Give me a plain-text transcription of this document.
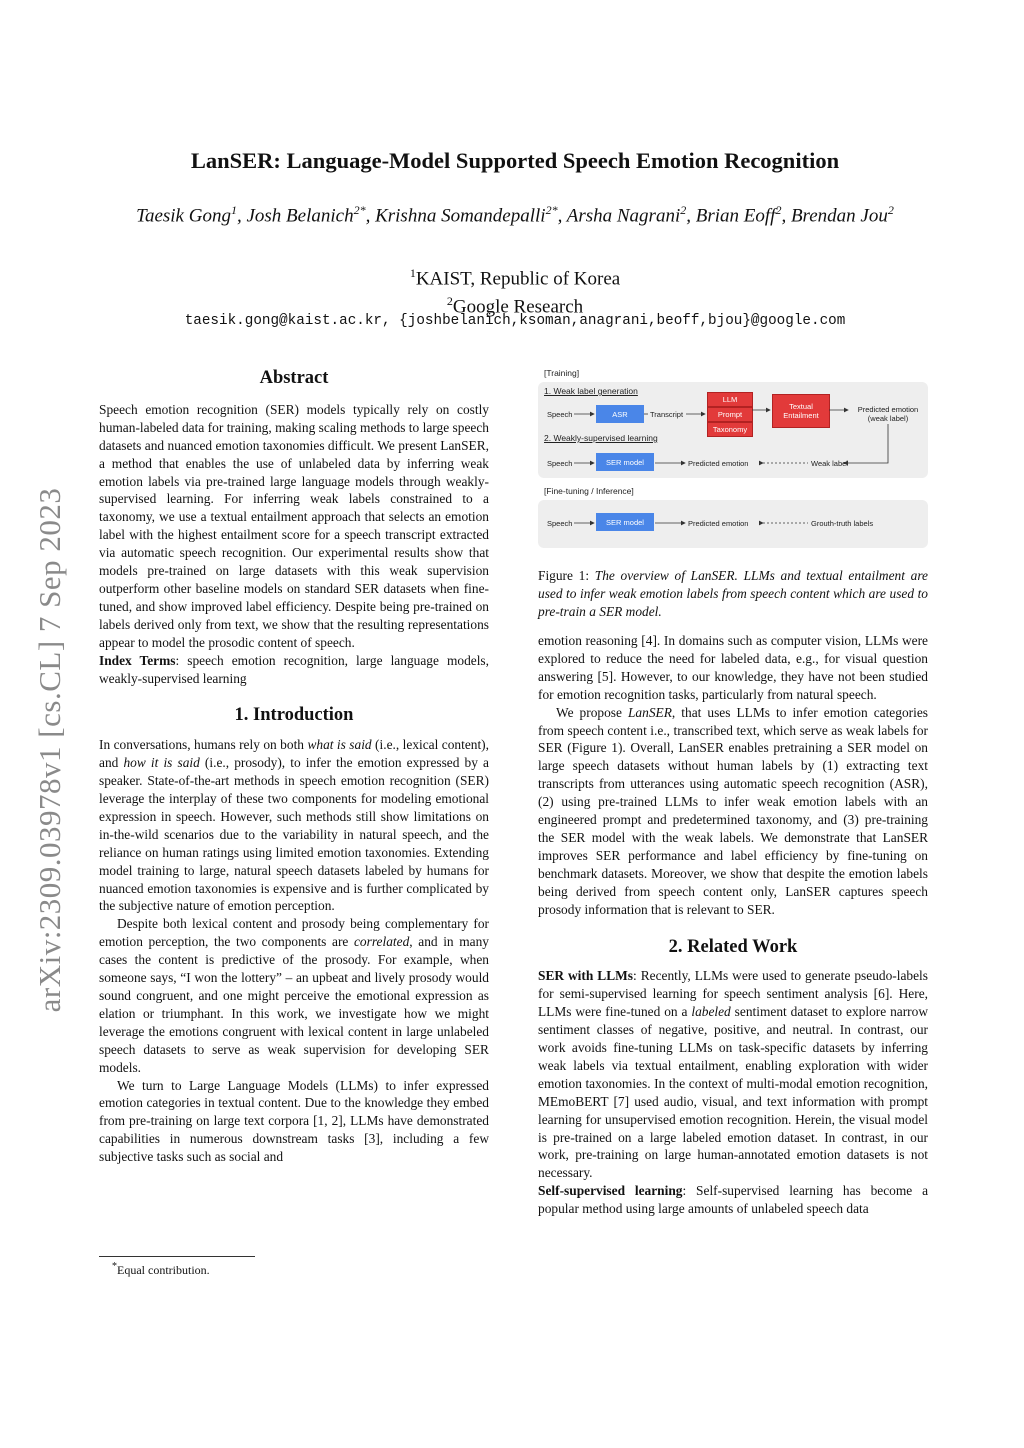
arXiv:2309.03978v1 [cs.CL] 7 Sep 2023
LanSER: Language-Model Supported Speech Emotion Recognition
Taesik Gong$^1$, Josh Belanich$^{2*}$, Krishna Somandepalli$^{2*}$, Arsha Nagrani$^2$, Brian Eoff$^2$, Brendan Jou$^2$
$^1$KAIST, Republic of Korea
$^2$Google Research
taesik.gong@kaist.ac.kr, {joshbelanich,ksoman,anagrani,beoff,bjou}@google.com
Abstract

Speech emotion recognition (SER) models typically rely on costly human-labeled data for training, making scaling methods to large speech datasets and nuanced emotion taxonomies difficult. We present LanSER, a method that enables the use of unlabeled data by inferring weak emotion labels via pre-trained large language models through weakly-supervised learning. For inferring weak labels constrained to a taxonomy, we use a textual entailment approach that selects an emotion label with the highest entailment score for a speech transcript extracted via automatic speech recognition. Our experimental results show that models pre-trained on large datasets with this weak supervision outperform other baseline models on standard SER datasets when fine-tuned, and show improved label efficiency. Despite being pre-trained on labels derived only from text, we show that the resulting representations appear to model the prosodic content of speech.

Index Terms: speech emotion recognition, large language models, weakly-supervised learning

1. Introduction

In conversations, humans rely on both what is said (i.e., lexical content), and how it is said (i.e., prosody), to infer the emotion expressed by a speaker. State-of-the-art methods in speech emotion recognition (SER) leverage the interplay of these two components for modeling emotional expression in speech. However, such methods still show limitations on in-the-wild scenarios due to the variability in natural speech, and the reliance on human ratings using limited emotion taxonomies. Extending model training to large, natural speech datasets labeled by humans for nuanced emotion taxonomies is expensive and is further complicated by the subjective nature of emotion perception.

Despite both lexical content and prosody being complementary for emotion perception, the two components are correlated, and in many cases the content is predictive of the prosody. For example, when someone says, “I won the lottery” – an upbeat and lively prosody would sound congruent, and one might perceive the emotional expression as elation or triumphant. In this work, we investigate how we might leverage the emotions congruent with lexical content in large unlabeled speech datasets to serve as weak supervision for developing SER models.

We turn to Large Language Models (LLMs) to infer expressed emotion categories in textual content. Due to the knowledge they embed from pre-training on large text corpora [1, 2], LLMs have demonstrated capabilities in numerous downstream tasks [3], including a few subjective tasks such as social and

*Equal contribution.
[Training]
1. Weak label generation
Speech	ASR	Transcript
LLM
Prompt
Taxonomy
Textual Entailment
Predicted emotion (weak label)
2. Weakly-supervised learning
Speech	SER model	Predicted emotion	Weak label
[Fine-tuning / Inference]
Speech	SER model	Predicted emotion	Grouth-truth labels
Figure 1: The overview of LanSER. LLMs and textual entailment are used to infer weak emotion labels from speech content which are used to pre-train a SER model.

emotion reasoning [4]. In domains such as computer vision, LLMs were explored to reduce the need for labeled data, e.g., for visual question answering [5]. However, to our knowledge, they have not been studied for emotion recognition tasks, particularly from natural speech.

We propose LanSER, that uses LLMs to infer emotion categories from speech content i.e., transcribed text, which serve as weak labels for SER (Figure 1). Overall, LanSER enables pretraining a SER model on large speech datasets without human labels by (1) extracting text transcripts from utterances using automatic speech recognition (ASR), (2) using pre-trained LLMs to infer weak emotion labels with an engineered prompt and predetermined taxonomy, and (3) pre-training the SER model with the weak labels. We demonstrate that LanSER improves SER performance and label efficiency by fine-tuning on benchmark datasets. Moreover, we show that despite the emotion labels being derived from speech content only, LanSER captures speech prosody information that is relevant to SER.

2. Related Work

SER with LLMs: Recently, LLMs were used to generate pseudo-labels for semi-supervised learning for speech sentiment analysis [6]. Here, LLMs were fine-tuned on a labeled sentiment dataset to explore narrow sentiment classes of negative, positive, and neutral. In contrast, our work avoids fine-tuning LLMs on task-specific datasets by inferring weak labels via textual entailment, enabling exploration with wider emotion taxonomies. In the context of multi-modal emotion recognition, MEmoBERT [7] used audio, visual, and text information with prompt learning for unsupervised emotion recognition. Herein, the visual model is pre-trained on a large labeled emotion dataset. In contrast, in our work, pre-training on large human-annotated emotion datasets is not necessary.

Self-supervised learning: Self-supervised learning has become a popular method using large amounts of unlabeled speech data
